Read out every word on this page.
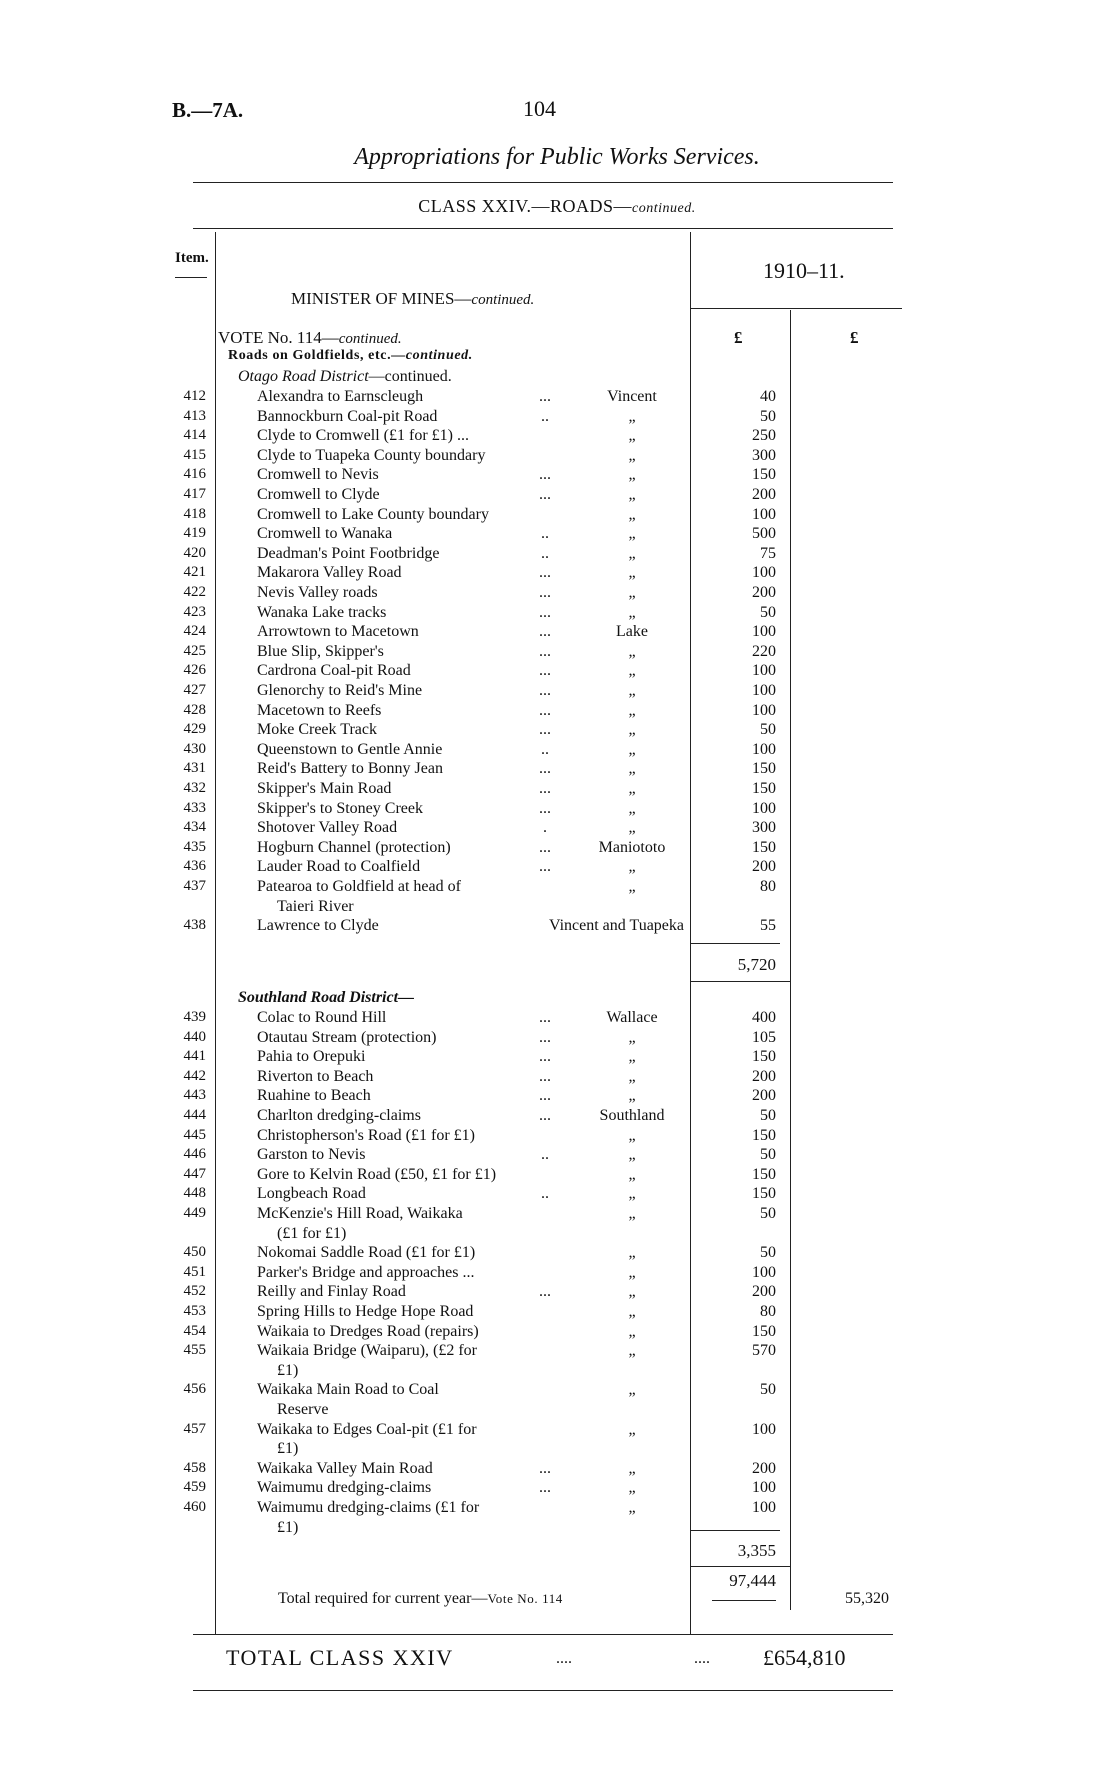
B.—7A.	104
Appropriations for Public Works Services.
CLASS XXIV.—ROADS—continued.
Item.	1910–11.
MINISTER OF MINES—continued.
VOTE No. 114—continued.	£	£
Roads on Goldfields, etc.—continued.
Otago Road District—continued.
412	Alexandra to Earnscleugh	...	Vincent	40
413	Bannockburn Coal-pit Road	..	„	50
414	Clyde to Cromwell (£1 for £1) ...	„	250
415	Clyde to Tuapeka County boundary	„	300
416	Cromwell to Nevis	...	„	150
417	Cromwell to Clyde	...	„	200
418	Cromwell to Lake County boundary	„	100
419	Cromwell to Wanaka	..	„	500
420	Deadman's Point Footbridge	..	„	75
421	Makarora Valley Road	...	„	100
422	Nevis Valley roads	...	„	200
423	Wanaka Lake tracks	...	„	50
424	Arrowtown to Macetown	...	Lake	100
425	Blue Slip, Skipper's	...	„	220
426	Cardrona Coal-pit Road	...	„	100
427	Glenorchy to Reid's Mine	...	„	100
428	Macetown to Reefs	...	„	100
429	Moke Creek Track	...	„	50
430	Queenstown to Gentle Annie	..	„	100
431	Reid's Battery to Bonny Jean	...	„	150
432	Skipper's Main Road	...	„	150
433	Skipper's to Stoney Creek	...	„	100
434	Shotover Valley Road	.	„	300
435	Hogburn Channel (protection)	...	Maniototo	150
436	Lauder Road to Coalfield	...	„	200
437	Patearoa to Goldfield at head of	„	80
Taieri River
438	Lawrence to Clyde	Vincent and Tuapeka	55
5,720
Southland Road District—
439	Colac to Round Hill	...	Wallace	400
440	Otautau Stream (protection)	...	„	105
441	Pahia to Orepuki	...	„	150
442	Riverton to Beach	...	„	200
443	Ruahine to Beach	...	„	200
444	Charlton dredging-claims	...	Southland	50
445	Christopherson's Road (£1 for £1)	„	150
446	Garston to Nevis	..	„	50
447	Gore to Kelvin Road (£50, £1 for £1)	„	150
448	Longbeach Road	..	„	150
449	McKenzie's Hill Road, Waikaka	„	50
(£1 for £1)
450	Nokomai Saddle Road (£1 for £1)	„	50
451	Parker's Bridge and approaches ...	„	100
452	Reilly and Finlay Road	...	„	200
453	Spring Hills to Hedge Hope Road	„	80
454	Waikaia to Dredges Road (repairs)	„	150
455	Waikaia Bridge (Waiparu), (£2 for	„	570
£1)
456	Waikaka Main Road to Coal	„	50
Reserve
457	Waikaka to Edges Coal-pit (£1 for	„	100
£1)
458	Waikaka Valley Main Road	...	„	200
459	Waimumu dredging-claims	...	„	100
460	Waimumu dredging-claims (£1 for	„	100
£1)
3,355
97,444
Total required for current year—Vote No. 114	55,320
TOTAL CLASS XXIV	....	.... £654,810
